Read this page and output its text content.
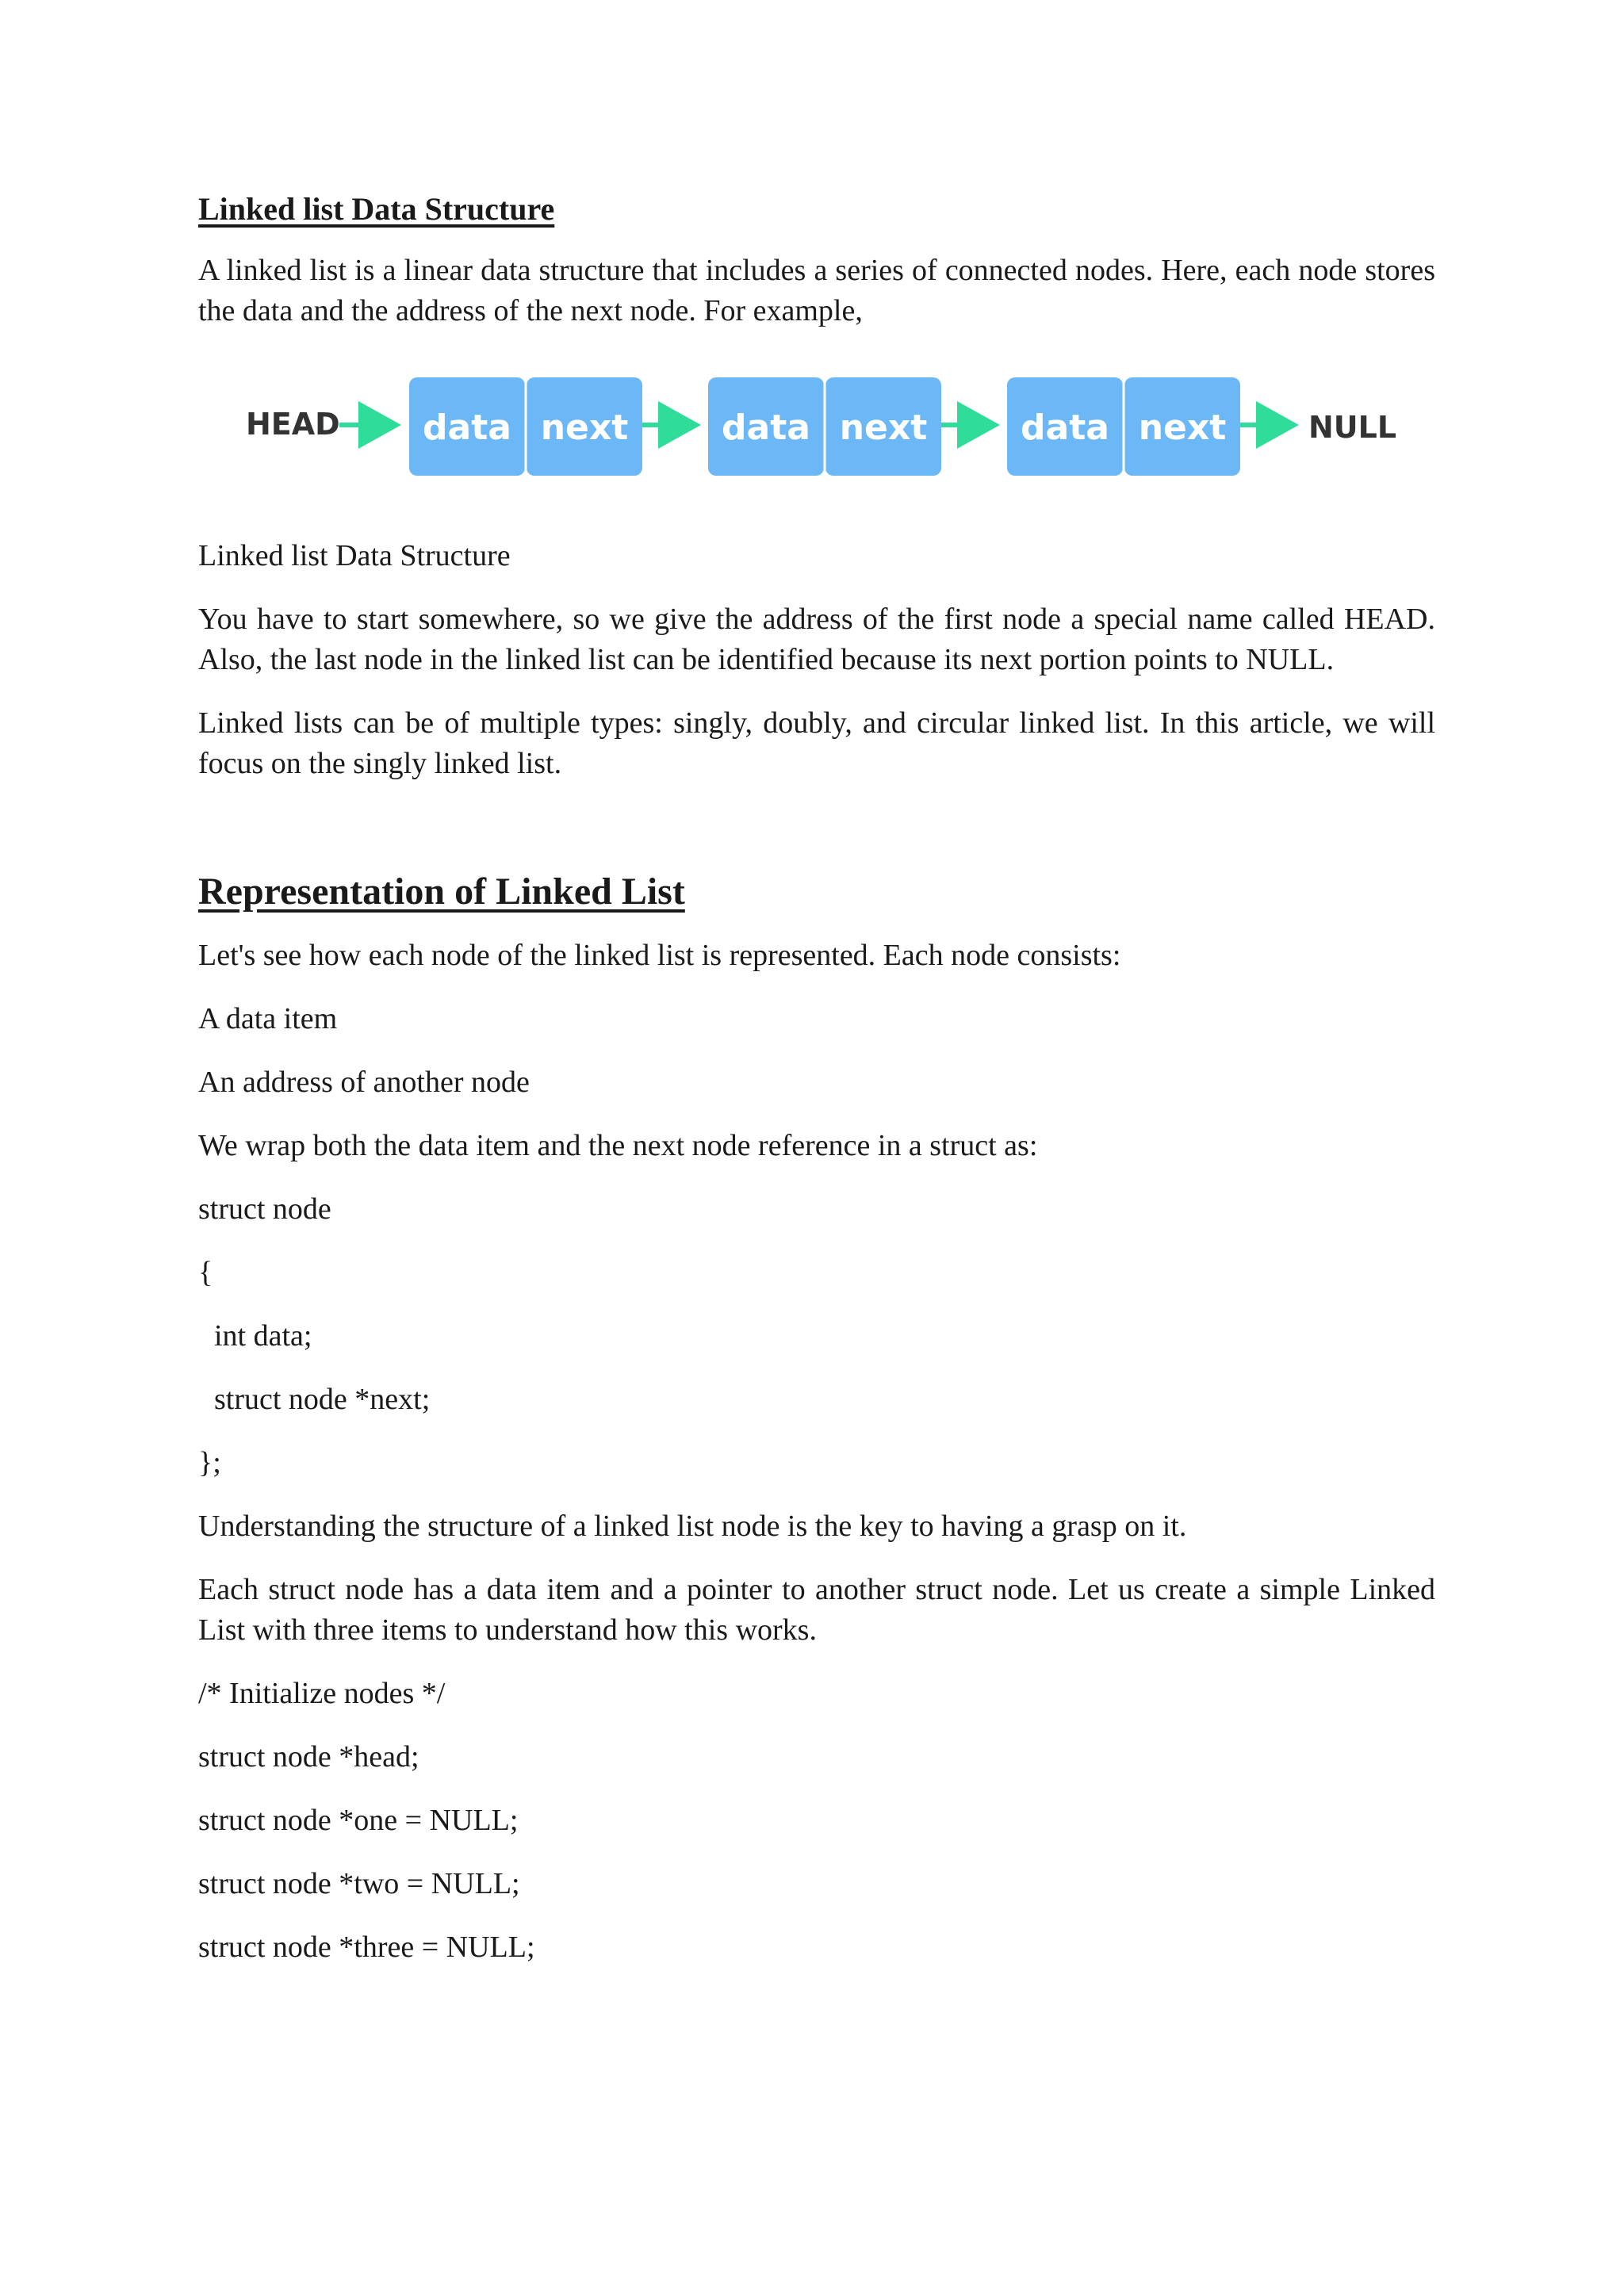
Linked list Data Structure

A linked list is a linear data structure that includes a series of connected nodes. Here, each node stores the data and the address of the next node. For example,

HEAD data next	data next	data next	NULL

Linked list Data Structure

You have to start somewhere, so we give the address of the first node a special name called HEAD. Also, the last node in the linked list can be identified because its next portion points to NULL.

Linked lists can be of multiple types: singly, doubly, and circular linked list. In this article, we will focus on the singly linked list.

Representation of Linked List

Let's see how each node of the linked list is represented. Each node consists:

A data item

An address of another node

We wrap both the data item and the next node reference in a struct as:

struct node

{

int data;

struct node *next;

};

Understanding the structure of a linked list node is the key to having a grasp on it.

Each struct node has a data item and a pointer to another struct node. Let us create a simple Linked List with three items to understand how this works.

/* Initialize nodes */

struct node *head;

struct node *one = NULL;

struct node *two = NULL;

struct node *three = NULL;
